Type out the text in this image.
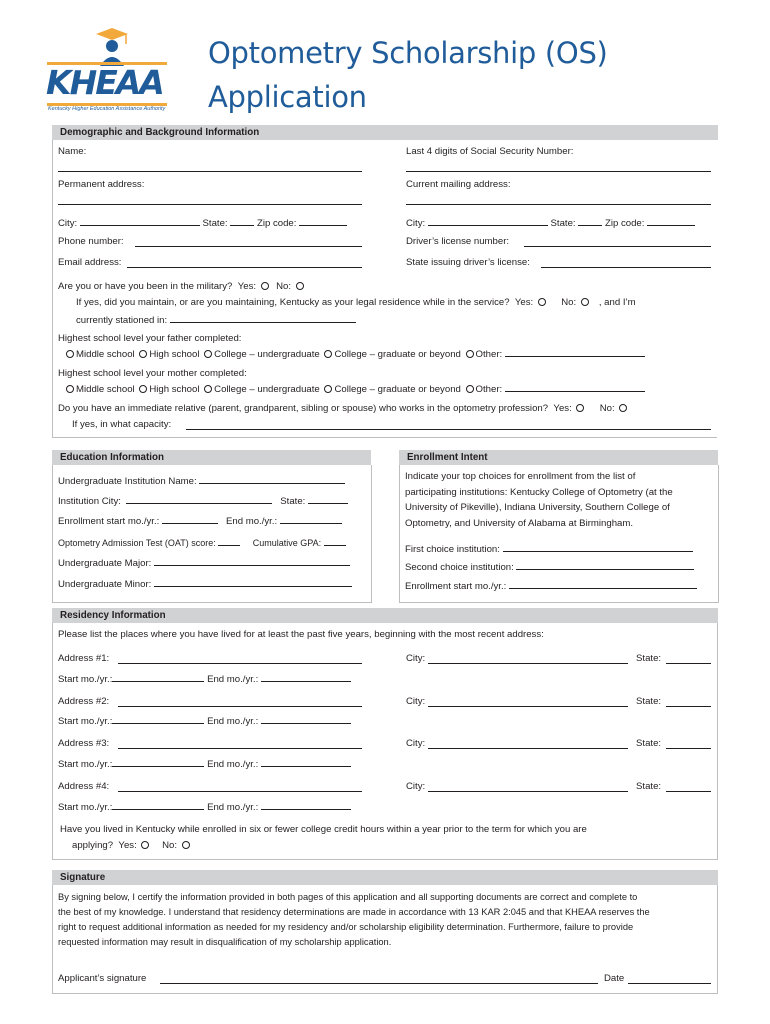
KHEAA
Kentucky Higher Education Assistance Authority
Optometry Scholarship (OS)
Application
Demographic and Background Information
Name:	Last 4 digits of Social Security Number:
Permanent address:	Current mailing address:
City:	State:	Zip code:	City:	State:	Zip code:
Phone number:	Driver’s license number:
Email address:	State issuing driver’s license:
Are you or have you been in the military? Yes: No:
If yes, did you maintain, or are you maintaining, Kentucky as your legal residence while in the service? Yes:	No: , and I’m
currently stationed in:
Highest school level your father completed:
Middle school High school College – undergraduate College – graduate or beyond Other:
Highest school level your mother completed:
Middle school High school College – undergraduate College – graduate or beyond Other:
Do you have an immediate relative (parent, grandparent, sibling or spouse) who works in the optometry profession? Yes:	No:
If yes, in what capacity:
Education Information
Undergraduate Institution Name:
Institution City:	State:
Enrollment start mo./yr.:	End mo./yr.:
Optometry Admission Test (OAT) score:	Cumulative GPA:
Undergraduate Major:
Undergraduate Minor:
Enrollment Intent
Indicate your top choices for enrollment from the list of
participating institutions: Kentucky College of Optometry (at the
University of Pikeville), Indiana University, Southern College of
Optometry, and University of Alabama at Birmingham.
First choice institution:
Second choice institution:
Enrollment start mo./yr.:
Residency Information
Please list the places where you have lived for at least the past five years, beginning with the most recent address:
Address #1:	City:	State:
Start mo./yr.:	End mo./yr.:
Address #2:	City:	State:
Start mo./yr.:	End mo./yr.:
Address #3:	City:	State:
Start mo./yr.:	End mo./yr.:
Address #4:	City:	State:
Start mo./yr.:	End mo./yr.:
Have you lived in Kentucky while enrolled in six or fewer college credit hours within a year prior to the term for which you are
applying? Yes:	No:
Signature
By signing below, I certify the information provided in both pages of this application and all supporting documents are correct and complete to
the best of my knowledge. I understand that residency determinations are made in accordance with 13 KAR 2:045 and that KHEAA reserves the
right to request additional information as needed for my residency and/or scholarship eligibility determination. Furthermore, failure to provide
requested information may result in disqualification of my scholarship application.
Applicant’s signature	Date
